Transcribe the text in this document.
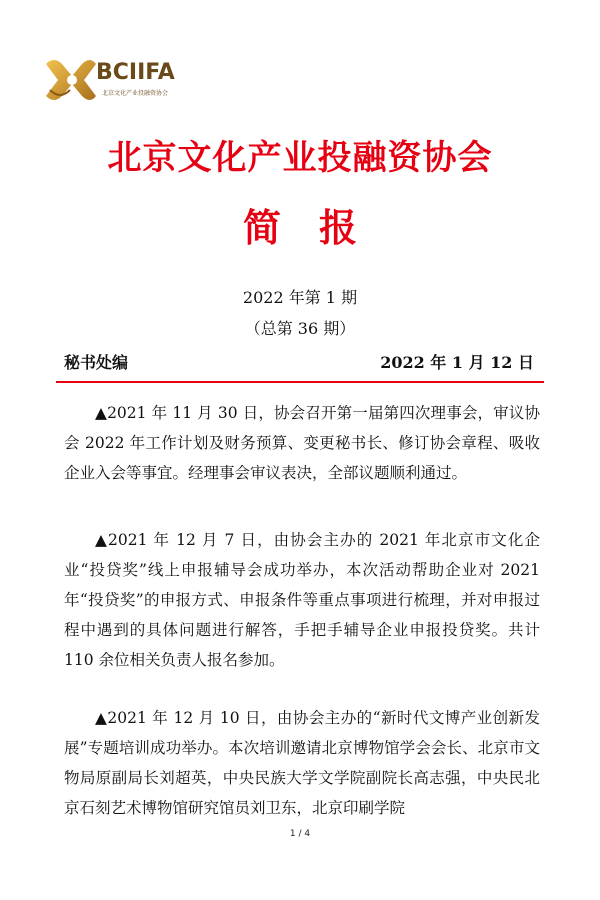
BCIIFA
北京文化产业投融资协会
北京文化产业投融资协会
简报
2022 年第 1 期
（总第 36 期）
秘书处编	2022 年 1 月 12 日

▲2021 年 11 月 30 日，协会召开第一届第四次理事会，审议协会 2022 年工作计划及财务预算、变更秘书长、修订协会章程、吸收企业入会等事宜。经理事会审议表决，全部议题顺利通过。

▲2021 年 12 月 7 日，由协会主办的 2021 年北京市文化企业“投贷奖”线上申报辅导会成功举办，本次活动帮助企业对 2021 年“投贷奖”的申报方式、申报条件等重点事项进行梳理，并对申报过程中遇到的具体问题进行解答，手把手辅导企业申报投贷奖。共计 110 余位相关负责人报名参加。

▲2021 年 12 月 10 日，由协会主办的“新时代文博产业创新发展”专题培训成功举办。本次培训邀请北京博物馆学会会长、北京市文物局原副局长刘超英，中央民族大学文学院副院长高志强，中央民北京石刻艺术博物馆研究馆员刘卫东，北京印刷学院

1 / 4
